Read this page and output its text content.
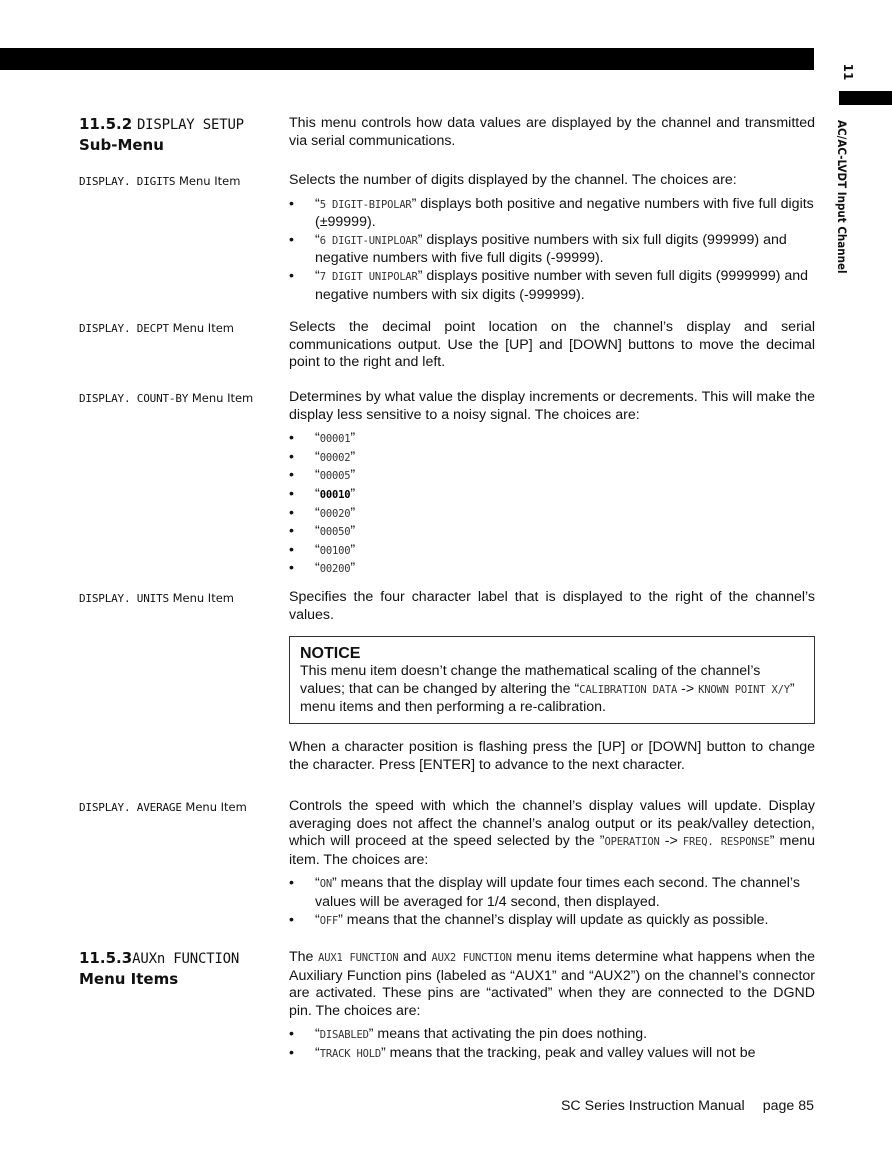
11
AC/AC-LVDT Input Channel
11.5.2 DISPLAY SETUP
Sub-Menu

This menu controls how data values are displayed by the channel and transmitted via serial communications.

DISPLAY. DIGITS Menu Item	Selects the number of digits displayed by the channel. The choices are:

• “5 DIGIT-BIPOLAR” displays both positive and negative numbers with five full digits (±99999).
• “6 DIGIT-UNIPLOAR” displays positive numbers with six full digits (999999) and negative numbers with five full digits (-99999).
• “7 DIGIT UNIPOLAR” displays positive number with seven full digits (9999999) and negative numbers with six digits (-999999).
DISPLAY. DECPT Menu Item	Selects the decimal point location on the channel’s display and serial communications output. Use the [UP] and [DOWN] buttons to move the decimal point to the right and left.

DISPLAY. COUNT-BY Menu Item	Determines by what value the display increments or decrements. This will make the display less sensitive to a noisy signal. The choices are:

• “00001”
• “00002”
• “00005”
• “00010”
• “00020”
• “00050”
• “00100”
• “00200”
DISPLAY. UNITS Menu Item	Specifies the four character label that is displayed to the right of the channel’s values.

NOTICE
This menu item doesn’t change the mathematical scaling of the channel’s values; that can be changed by altering the “CALIBRATION DATA -> KNOWN POINT X/Y” menu items and then performing a re-calibration.

When a character position is flashing press the [UP] or [DOWN] button to change the character. Press [ENTER] to advance to the next character.

DISPLAY. AVERAGE Menu Item	Controls the speed with which the channel’s display values will update. Display averaging does not affect the channel’s analog output or its peak/valley detection, which will proceed at the speed selected by the ”OPERATION -> FREQ. RESPONSE” menu item. The choices are:

• “ON” means that the display will update four times each second. The channel’s values will be averaged for 1/4 second, then displayed.
• “OFF” means that the channel’s display will update as quickly as possible.
11.5.3AUXn FUNCTION Menu Items

The AUX1 FUNCTION and AUX2 FUNCTION menu items determine what happens when the Auxiliary Function pins (labeled as “AUX1” and “AUX2”) on the channel’s connector are activated. These pins are “activated” when they are connected to the DGND pin. The choices are:

• “DISABLED” means that activating the pin does nothing.
• “TRACK HOLD” means that the tracking, peak and valley values will not be
SC Series Instruction Manual page 85
